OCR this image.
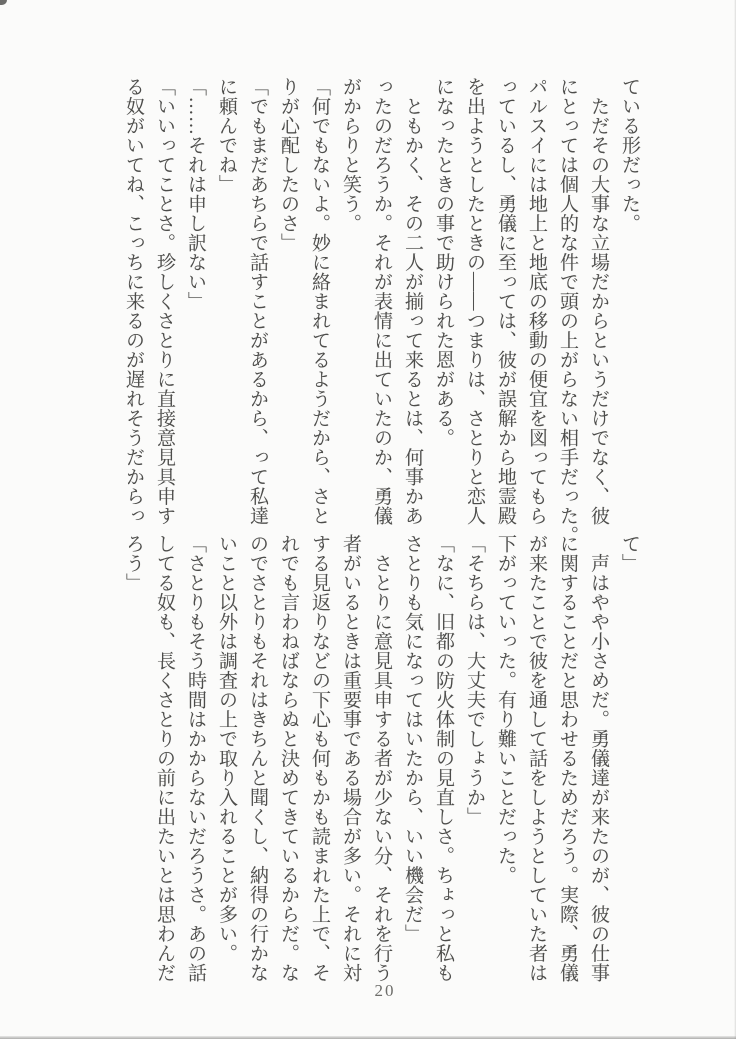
ている形だった。
　ただその大事な立場だからというだけでなく、彼
にとっては個人的な件で頭の上がらない相手だった。
パルスイには地上と地底の移動の便宜を図ってもら
っているし、勇儀に至っては、彼が誤解から地霊殿
を出ようとしたときの――つまりは、さとりと恋人
になったときの事で助けられた恩がある。
　ともかく、その二人が揃って来るとは、何事かあ
ったのだろうか。それが表情に出ていたのか、勇儀
がからりと笑う。
「何でもないよ。妙に絡まれてるようだから、さと
りが心配したのさ」
「でもまだあちらで話すことがあるから、って私達
に頼んでね」
「……それは申し訳ない」
「いいってことさ。珍しくさとりに直接意見具申す
る奴がいてね、こっちに来るのが遅れそうだからっ
て」
　声はやや小さめだ。勇儀達が来たのが、彼の仕事
に関することだと思わせるためだろう。実際、勇儀
が来たことで彼を通して話をしようとしていた者は
下がっていった。有り難いことだった。
「そちらは、大丈夫でしょうか」
「なに、旧都の防火体制の見直しさ。ちょっと私も
さとりも気になってはいたから、いい機会だ」
　さとりに意見具申する者が少ない分、それを行う
者がいるときは重要事である場合が多い。それに対
する見返りなどの下心も何もかも読まれた上で、そ
れでも言わねばならぬと決めてきているからだ。な
のでさとりもそれはきちんと聞くし、納得の行かな
いこと以外は調査の上で取り入れることが多い。
「さとりもそう時間はかからないだろうさ。あの話
してる奴も、長くさとりの前に出たいとは思わんだ
ろう」
20
